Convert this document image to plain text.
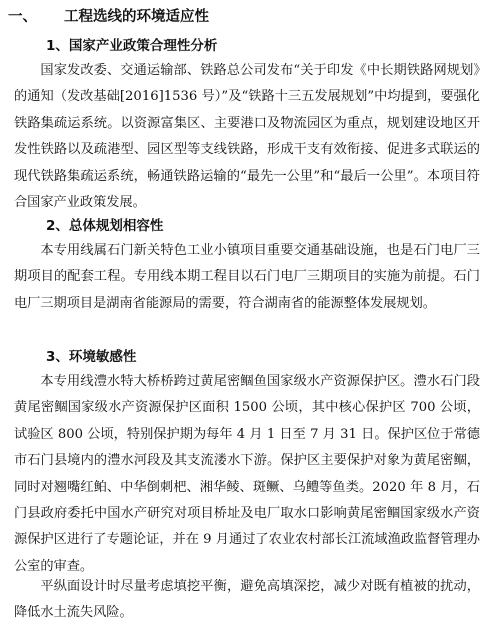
一、 工程选线的环境适应性
1、国家产业政策合理性分析

国家发改委、交通运输部、铁路总公司发布“关于印发《中长期铁路网规划》的通知（发改基础[2016]1536 号）”及“铁路十三五发展规划”中均提到，要强化铁路集疏运系统。以资源富集区、主要港口及物流园区为重点，规划建设地区开发性铁路以及疏港型、园区型等支线铁路，形成干支有效衔接、促进多式联运的现代铁路集疏运系统，畅通铁路运输的“最先一公里”和“最后一公里”。本项目符合国家产业政策发展。

2、总体规划相容性

本专用线属石门新关特色工业小镇项目重要交通基础设施，也是石门电厂三期项目的配套工程。专用线本期工程目以石门电厂三期项目的实施为前提。石门电厂三期项目是湖南省能源局的需要，符合湖南省的能源整体发展规划。

3、环境敏感性

本专用线澧水特大桥桥跨过黄尾密鲴鱼国家级水产资源保护区。澧水石门段黄尾密鲴国家级水产资源保护区面积 1500 公顷，其中核心保护区 700 公顷，试验区 800 公顷，特别保护期为每年 4 月 1 日至 7 月 31 日。保护区位于常德市石门县境内的澧水河段及其支流溇水下游。保护区主要保护对象为黄尾密鲴，同时对翘嘴红鲌、中华倒刺杷、湘华鲮、斑鳜、乌鳢等鱼类。2020 年 8 月，石门县政府委托中国水产研究对项目桥址及电厂取水口影响黄尾密鲴国家级水产资源保护区进行了专题论证，并在 9 月通过了农业农村部长江流域渔政监督管理办公室的审查。

平纵面设计时尽量考虑填挖平衡，避免高填深挖，减少对既有植被的扰动，降低水土流失风险。
